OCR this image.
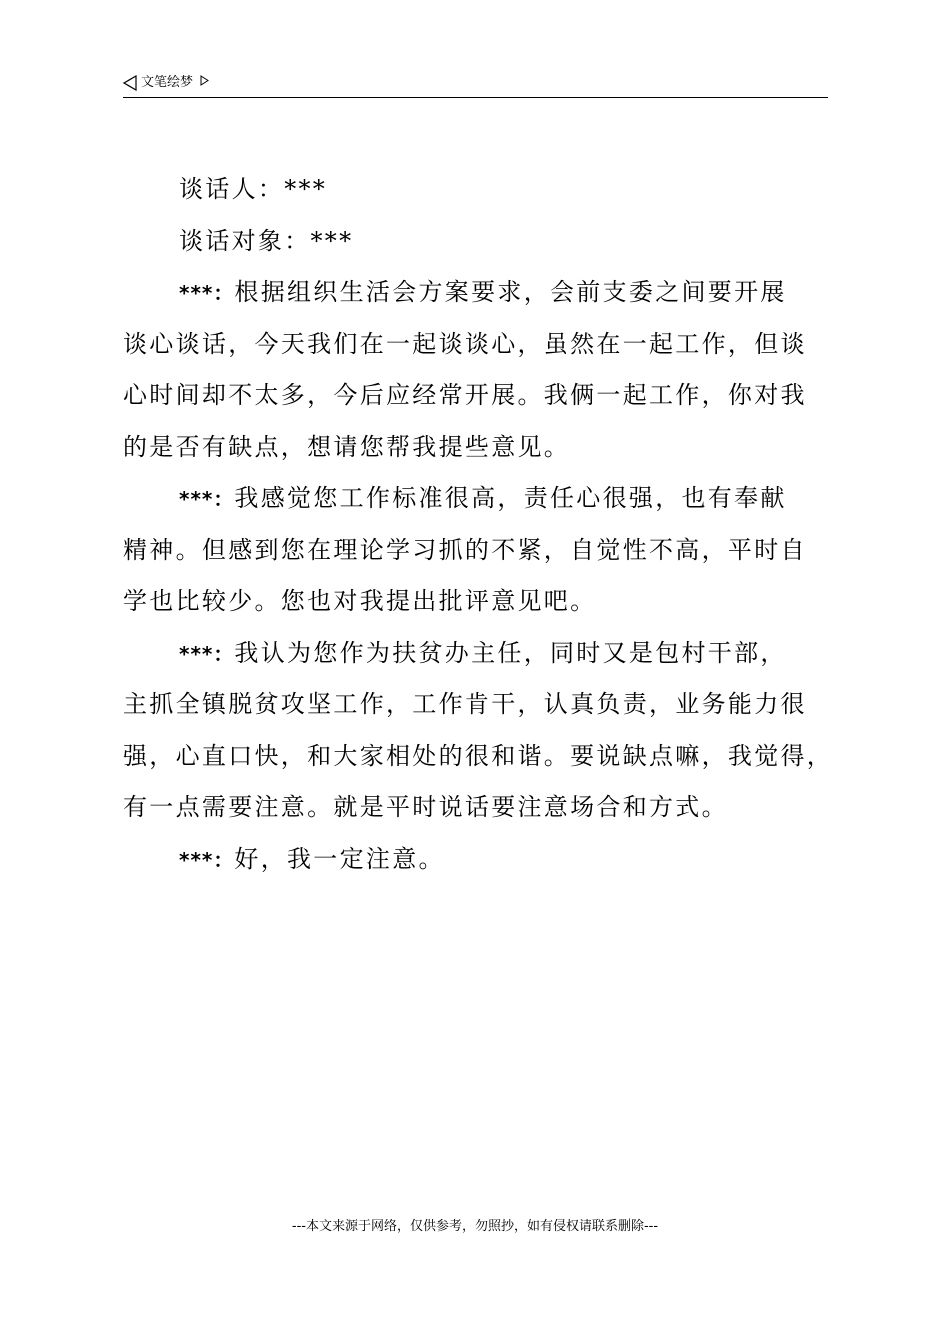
文笔绘梦

谈话人：***

谈话对象：***

***：根据组织生活会方案要求，会前支委之间要开展

谈心谈话，今天我们在一起谈谈心，虽然在一起工作，但谈

心时间却不太多，今后应经常开展。我俩一起工作，你对我

的是否有缺点，想请您帮我提些意见。

***：我感觉您工作标准很高，责任心很强，也有奉献

精神。但感到您在理论学习抓的不紧，自觉性不高，平时自

学也比较少。您也对我提出批评意见吧。

***：我认为您作为扶贫办主任，同时又是包村干部，

主抓全镇脱贫攻坚工作，工作肯干，认真负责，业务能力很

强，心直口快，和大家相处的很和谐。要说缺点嘛，我觉得，

有一点需要注意。就是平时说话要注意场合和方式。

***：好，我一定注意。

---本文来源于网络，仅供参考，勿照抄，如有侵权请联系删除---
